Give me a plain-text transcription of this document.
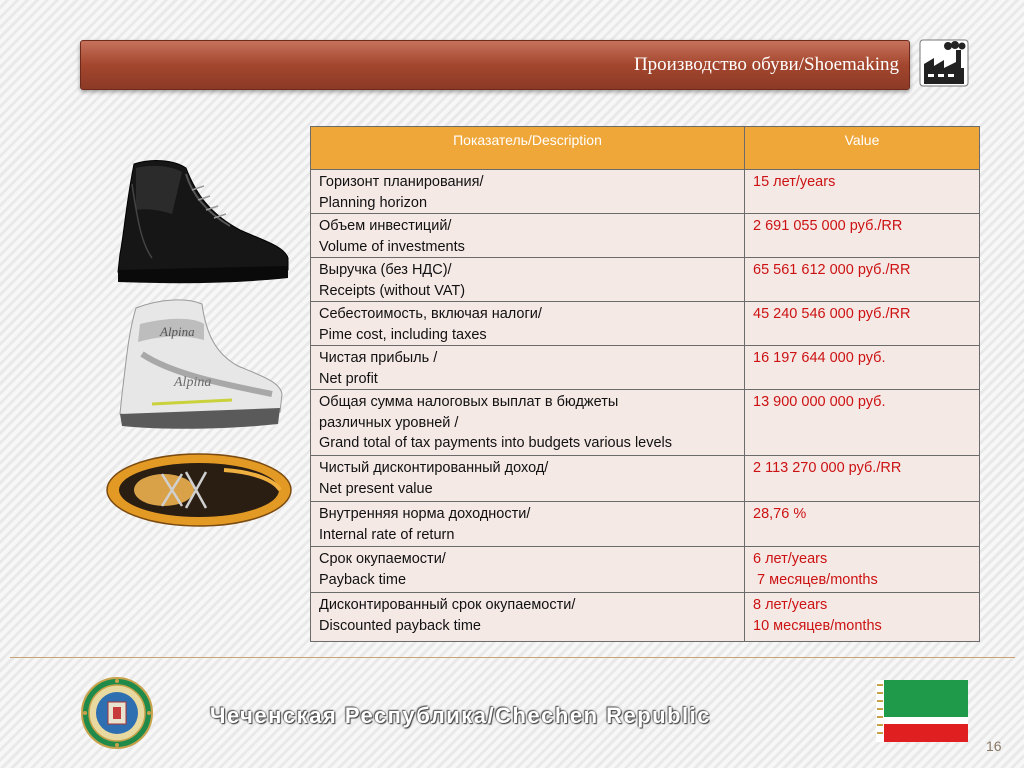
Производство обуви/Shoemaking
Alpina
Alpina
Показатель/Description	Value

Горизонт планирования/
Planning horizon	15 лет/years

Объем инвестиций/
Volume of investments	2 691 055 000 руб./RR

Выручка (без НДС)/
Receipts (without VAT)	65 561 612 000 руб./RR

Себестоимость, включая налоги/
Pime cost, including taxes	45 240 546 000 руб./RR

Чистая прибыль /
Net profit	16 197 644 000 руб.

Общая сумма налоговых выплат в бюджеты
различных уровней /
Grand total of tax payments into budgets various levels	13 900 000 000 руб.

Чистый дисконтированный доход/
Net present value	2 113 270 000 руб./RR

Внутренняя норма доходности/
Internal rate of return	28,76 %

Срок окупаемости/
Payback time	6 лет/years
7 месяцев/months

Дисконтированный срок окупаемости/
Discounted payback time	8 лет/years
10 месяцев/months
Чеченская Республика/Chechen Republic
16
